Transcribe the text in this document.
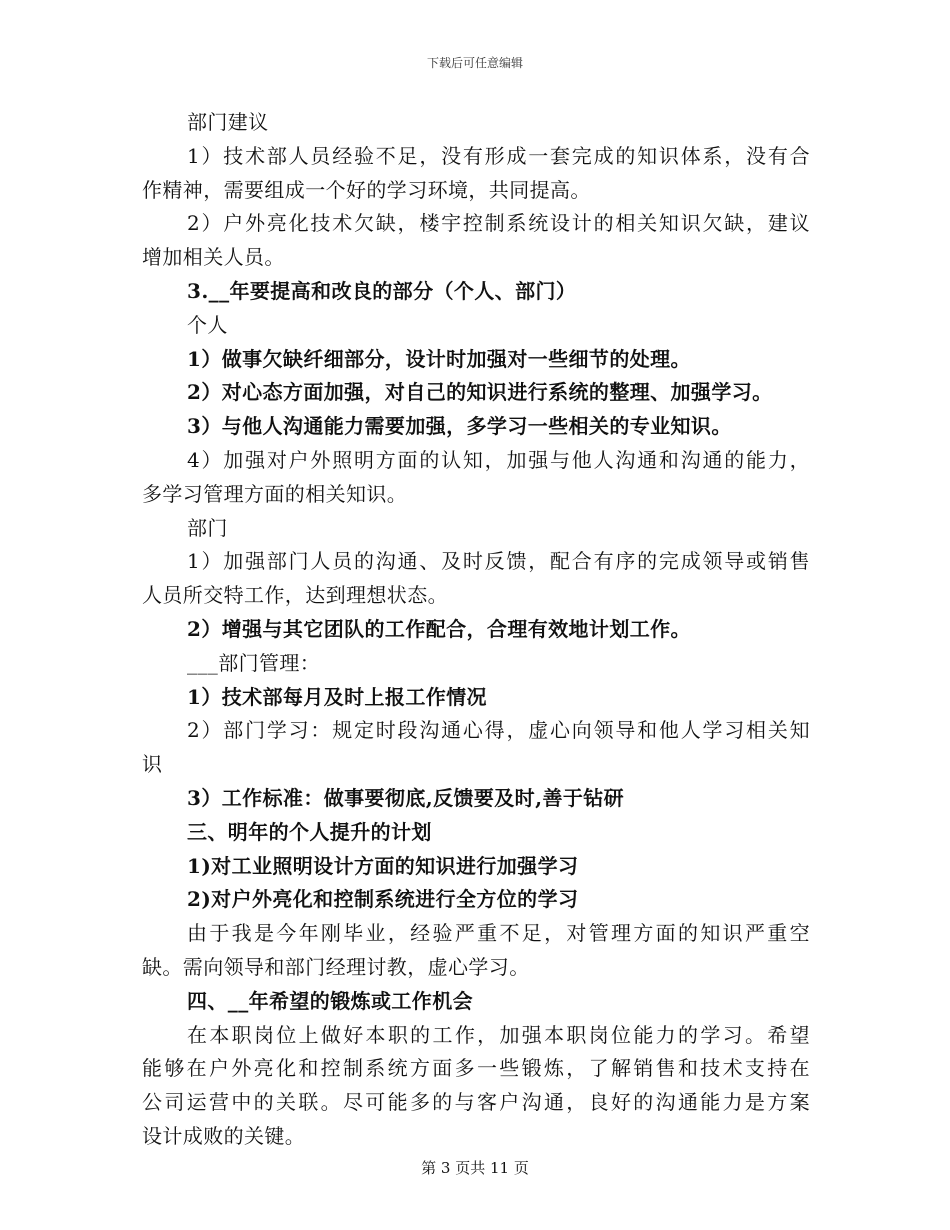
下载后可任意编辑
部门建议
1）技术部人员经验不足，没有形成一套完成的知识体系，没有合
作精神，需要组成一个好的学习环境，共同提高。
2）户外亮化技术欠缺，楼宇控制系统设计的相关知识欠缺，建议
增加相关人员。
3.__年要提高和改良的部分（个人、部门）
个人
1）做事欠缺纤细部分，设计时加强对一些细节的处理。
2）对心态方面加强，对自己的知识进行系统的整理、加强学习。
3）与他人沟通能力需要加强，多学习一些相关的专业知识。
4）加强对户外照明方面的认知，加强与他人沟通和沟通的能力，
多学习管理方面的相关知识。
部门
1）加强部门人员的沟通、及时反馈，配合有序的完成领导或销售
人员所交特工作，达到理想状态。
2）增强与其它团队的工作配合，合理有效地计划工作。
___部门管理：
1）技术部每月及时上报工作情况
2）部门学习：规定时段沟通心得，虚心向领导和他人学习相关知
识
3）工作标准：做事要彻底,反馈要及时,善于钻研
三、明年的个人提升的计划
1)对工业照明设计方面的知识进行加强学习
2)对户外亮化和控制系统进行全方位的学习
由于我是今年刚毕业，经验严重不足，对管理方面的知识严重空
缺。需向领导和部门经理讨教，虚心学习。
四、__年希望的锻炼或工作机会
在本职岗位上做好本职的工作，加强本职岗位能力的学习。希望
能够在户外亮化和控制系统方面多一些锻炼，了解销售和技术支持在
公司运营中的关联。尽可能多的与客户沟通，良好的沟通能力是方案
设计成败的关键。
第 3 页共 11 页
